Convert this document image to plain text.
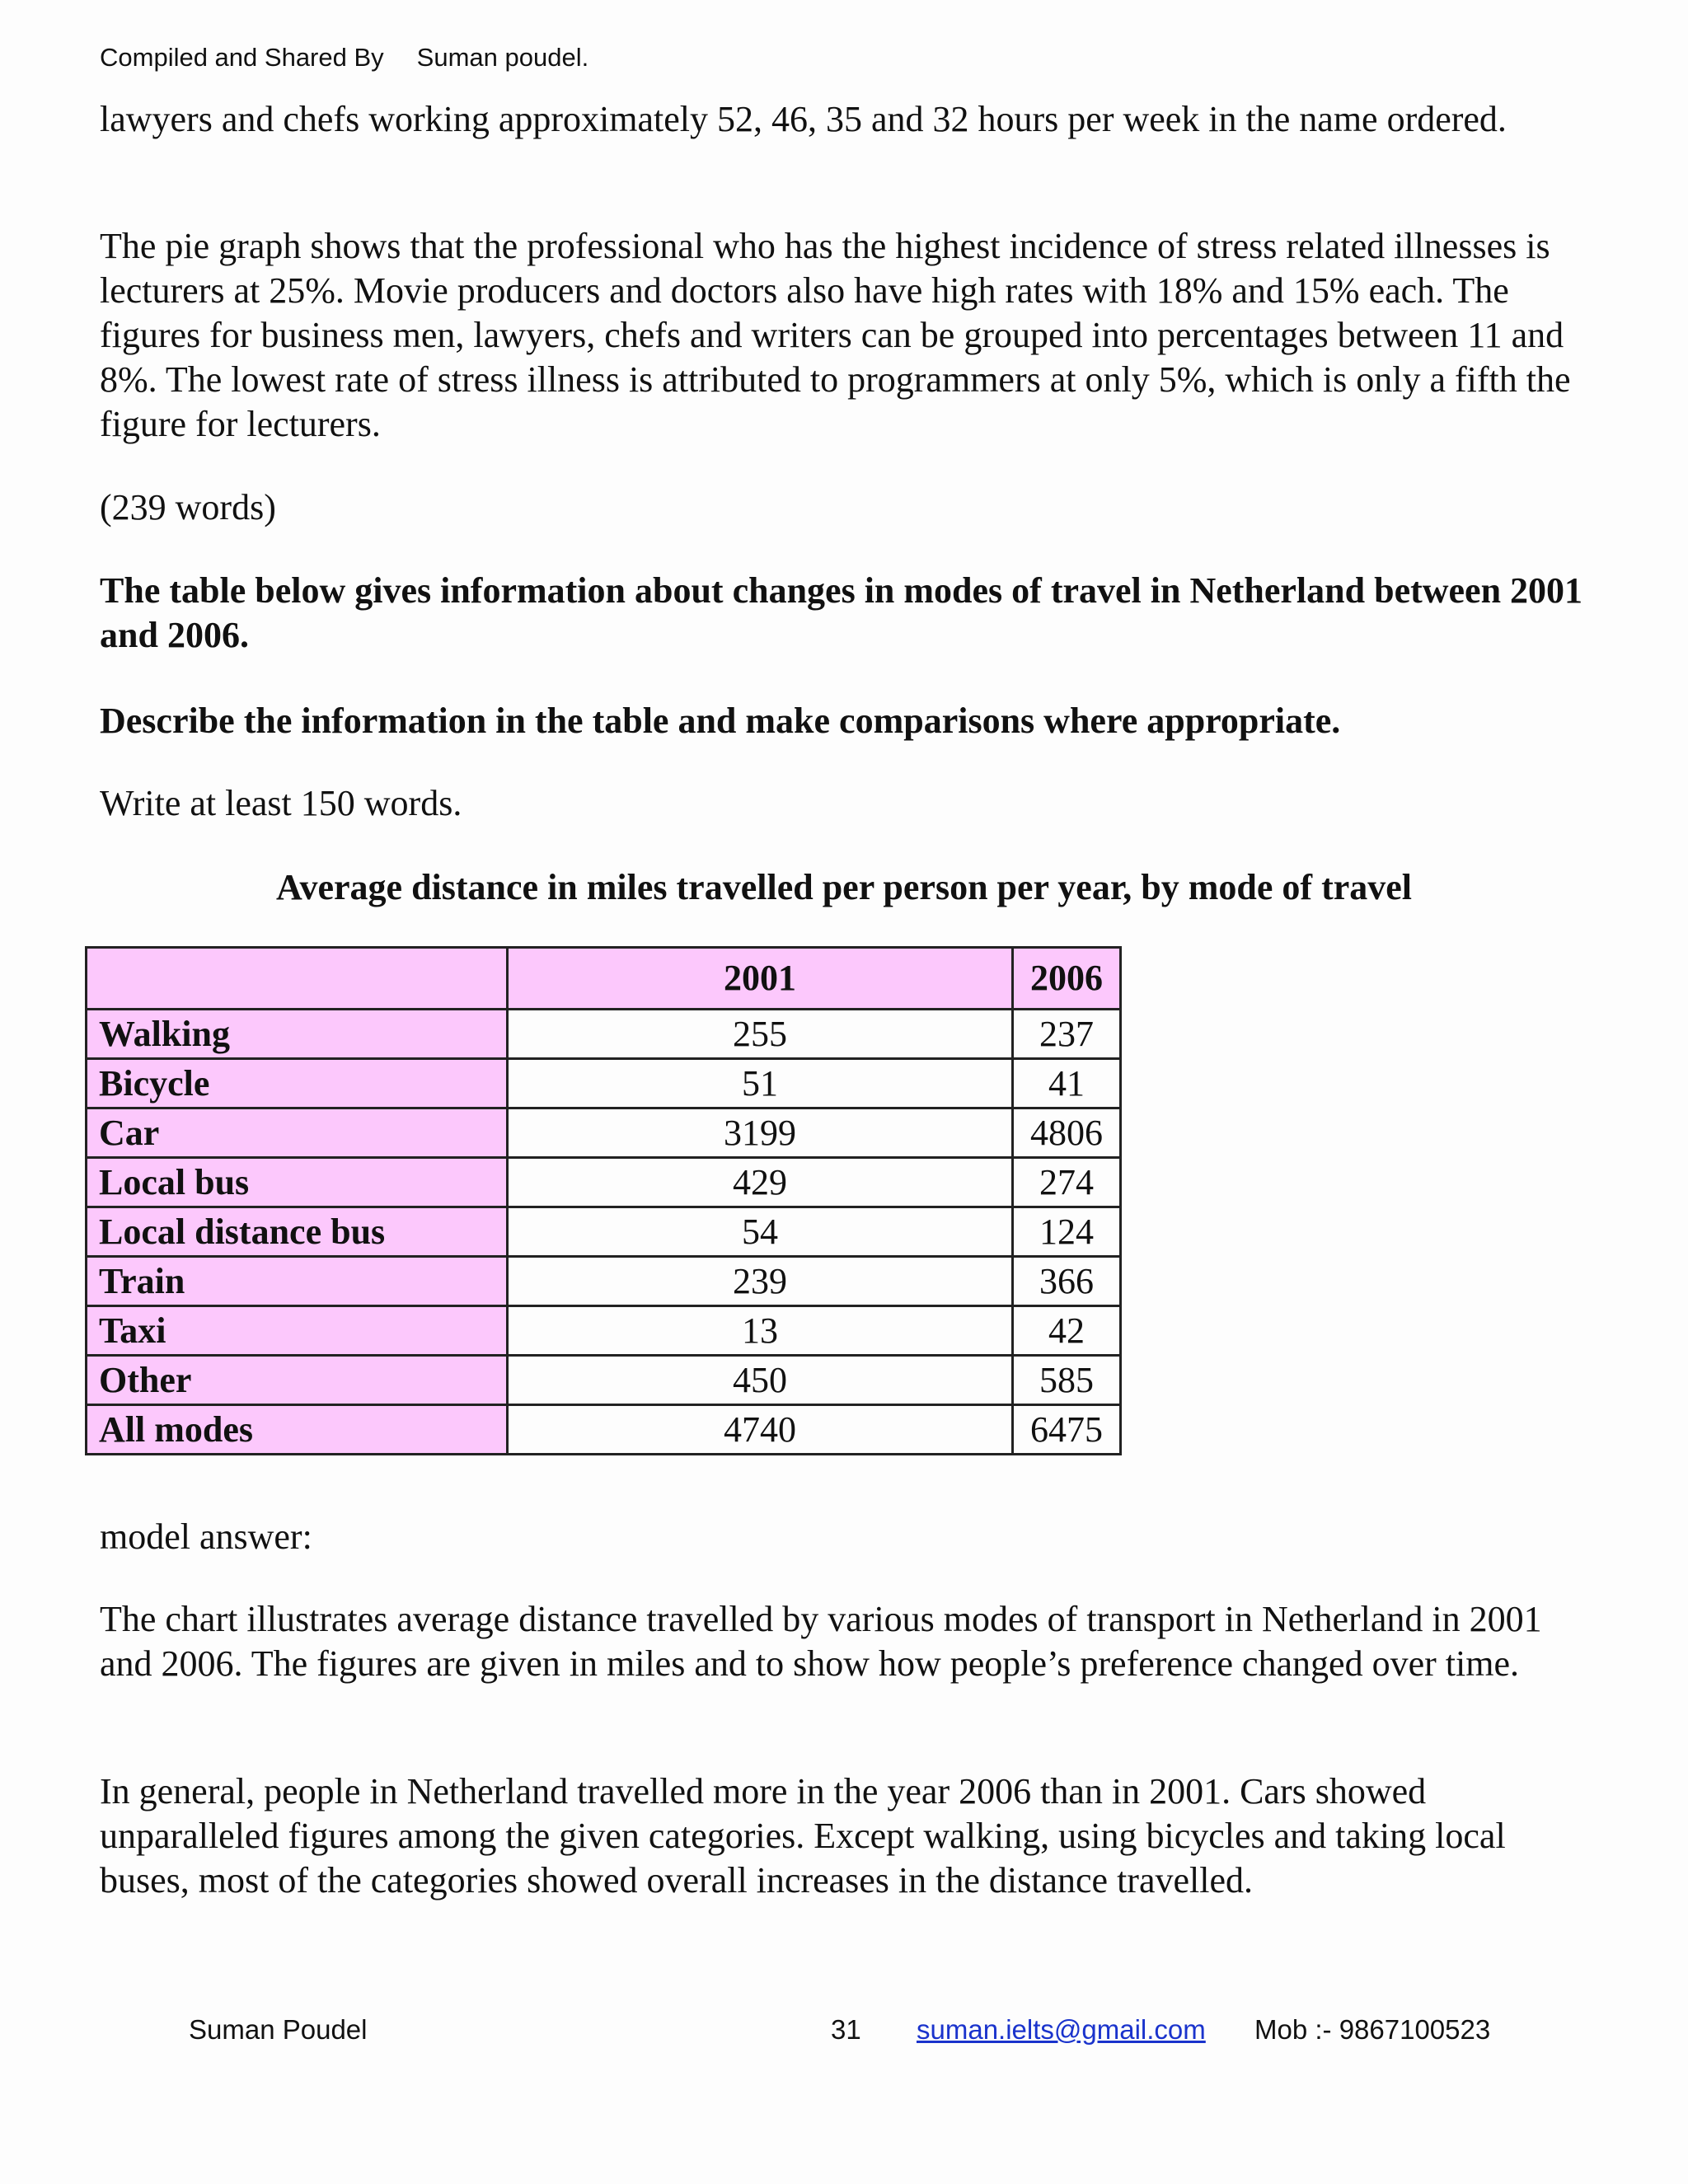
Compiled and Shared By Suman poudel.

lawyers and chefs working approximately 52, 46, 35 and 32 hours per week in the name ordered.

The pie graph shows that the professional who has the highest incidence of stress related illnesses is lecturers at 25%. Movie producers and doctors also have high rates with 18% and 15% each. The figures for business men, lawyers, chefs and writers can be grouped into percentages between 11 and 8%. The lowest rate of stress illness is attributed to programmers at only 5%, which is only a fifth the figure for lecturers.

(239 words)

The table below gives information about changes in modes of travel in Netherland between 2001 and 2006.

Describe the information in the table and make comparisons where appropriate.

Write at least 150 words.

Average distance in miles travelled per person per year, by mode of travel
	2001	2006
Walking	255	237
Bicycle	51	41
Car	3199	4806
Local bus	429	274
Local distance bus	54	124
Train	239	366
Taxi	13	42
Other	450	585
All modes	4740	6475

model answer:

The chart illustrates average distance travelled by various modes of transport in Netherland in 2001 and 2006. The figures are given in miles and to show how people’s preference changed over time.

In general, people in Netherland travelled more in the year 2006 than in 2001. Cars showed unparalleled figures among the given categories. Except walking, using bicycles and taking local buses, most of the categories showed overall increases in the distance travelled.

Suman Poudel	31 suman.ielts@gmail.com Mob :- 9867100523
